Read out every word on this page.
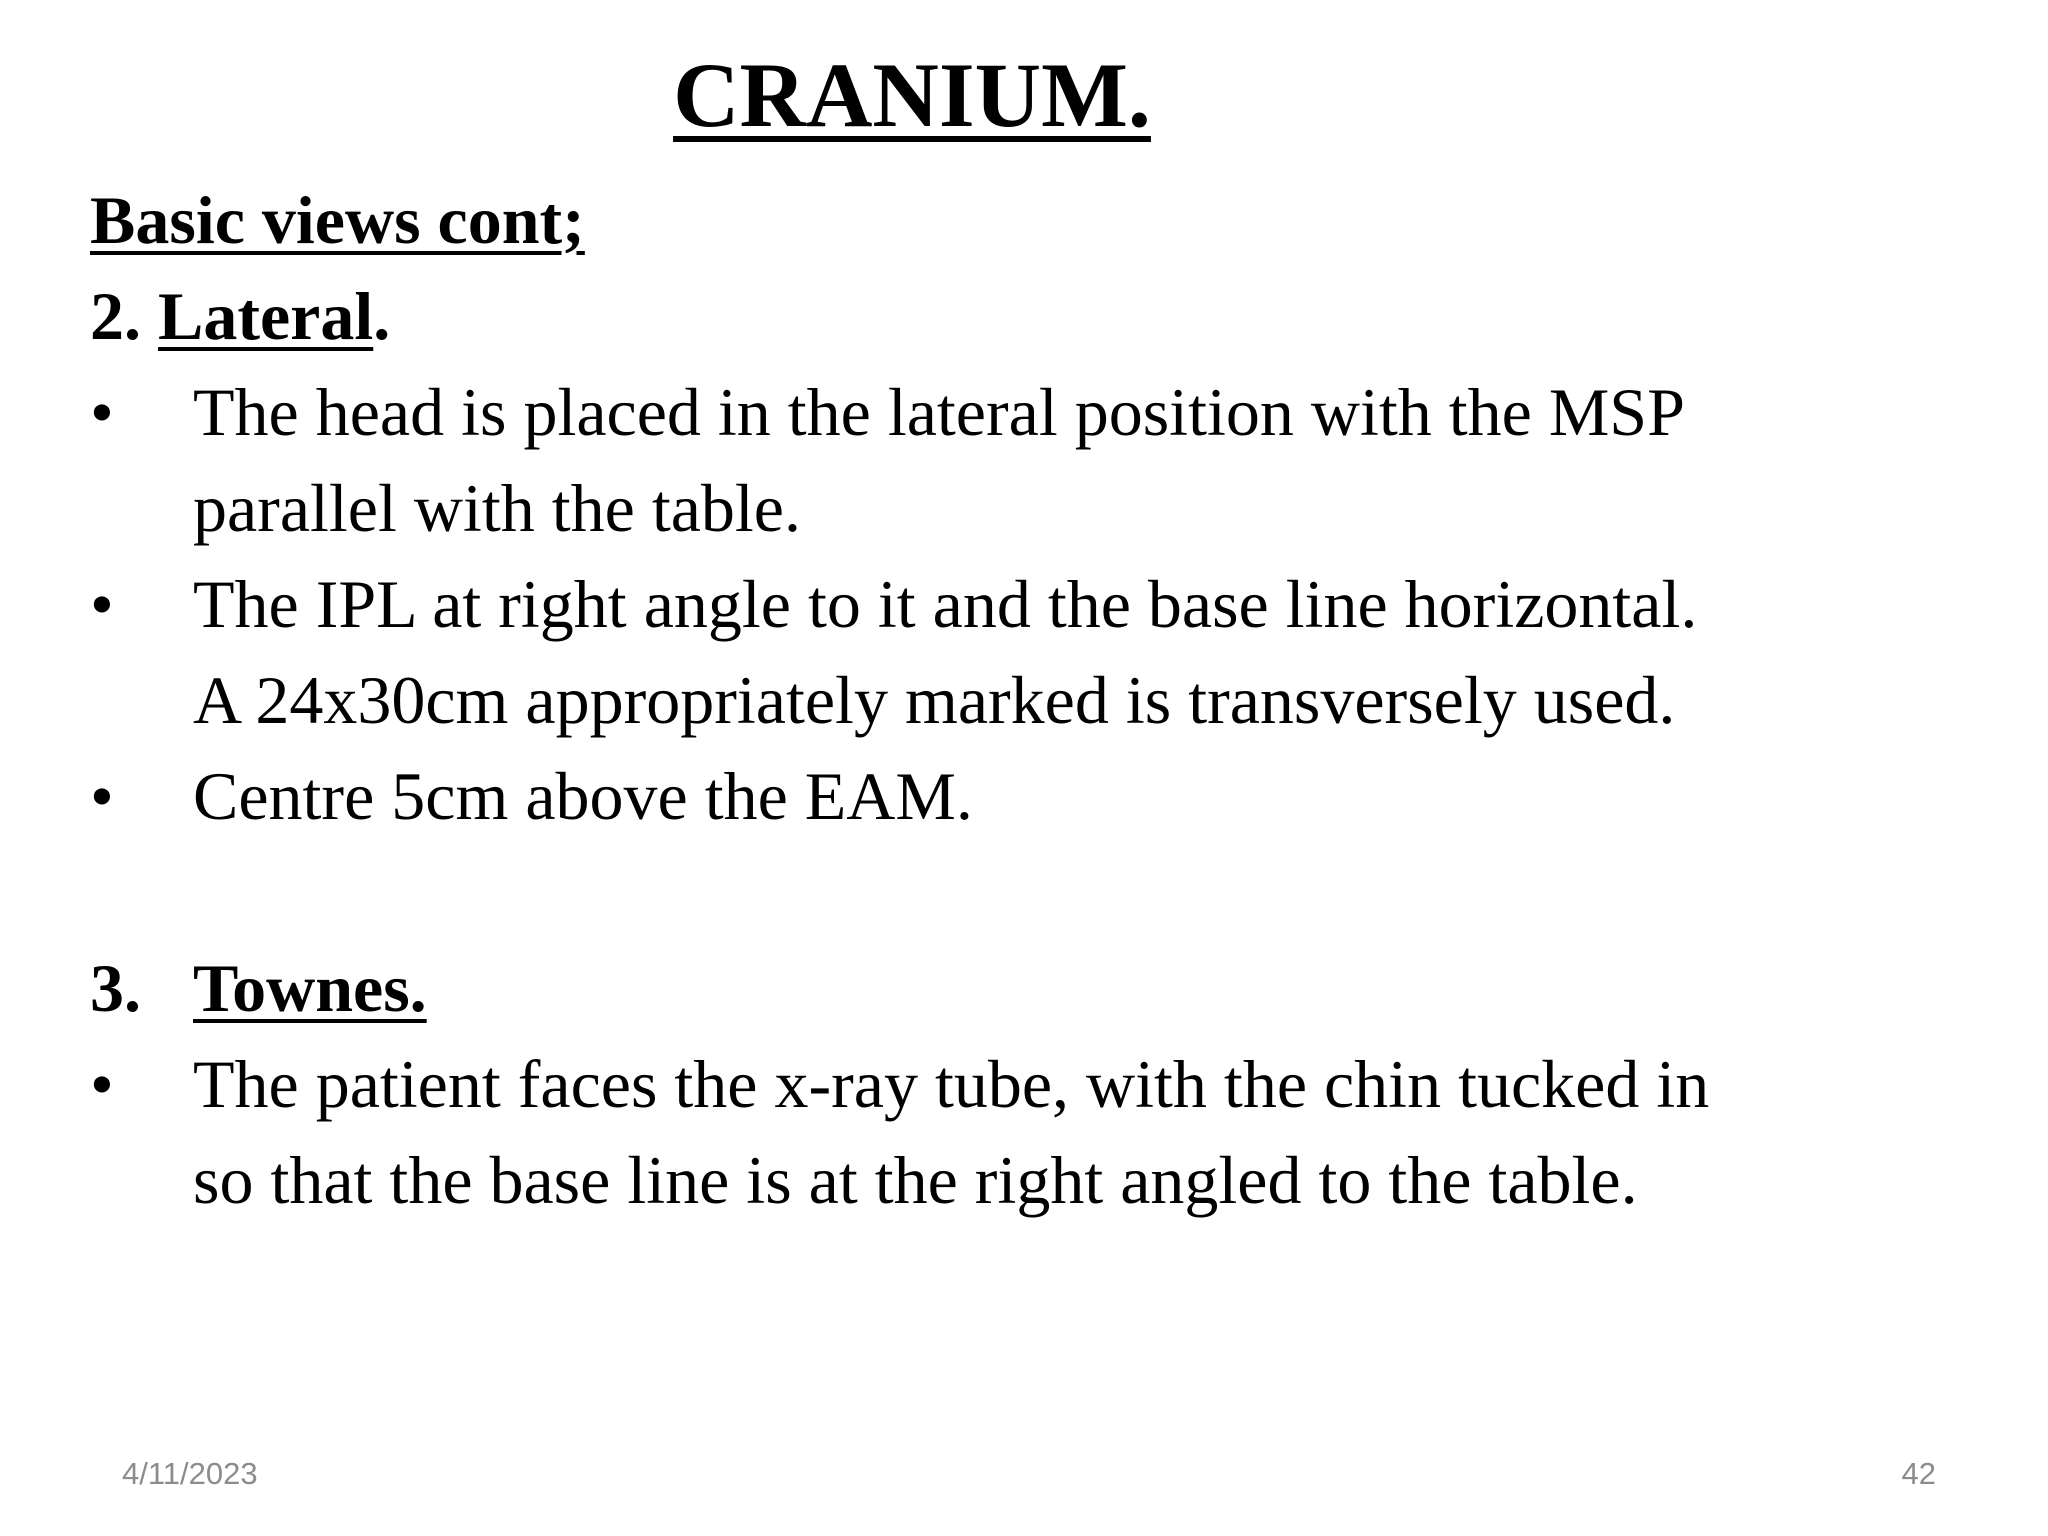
CRANIUM.
Basic views cont;
2. Lateral.
•	The head is placed in the lateral position with the MSP
parallel with the table.
•	The IPL at right angle to it and the base line horizontal.
A 24x30cm appropriately marked is transversely used.
•	Centre 5cm above the EAM.
3. Townes.
•	The patient faces the x-ray tube, with the chin tucked in
so that the base line is at the right angled to the table.
4/11/2023	42
